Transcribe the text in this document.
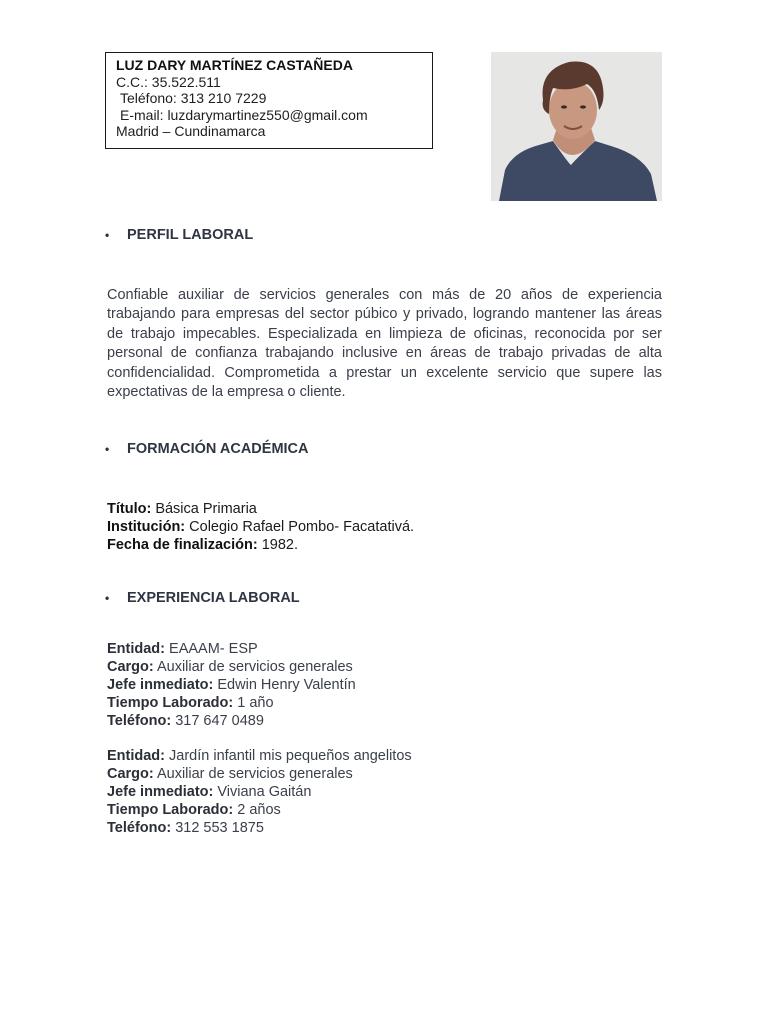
LUZ DARY MARTÍNEZ CASTAÑEDA
C.C.: 35.522.511
Teléfono: 313 210 7229
E-mail: luzdarymartinez550@gmail.com
Madrid – Cundinamarca
•	PERFIL LABORAL
Confiable auxiliar de servicios generales con más de 20 años de experiencia trabajando para empresas del sector púbico y privado, logrando mantener las áreas de trabajo impecables. Especializada en limpieza de oficinas, reconocida por ser personal de confianza trabajando inclusive en áreas de trabajo privadas de alta confidencialidad. Comprometida a prestar un excelente servicio que supere las expectativas de la empresa o cliente.
•	FORMACIÓN ACADÉMICA
Título: Básica Primaria
Institución: Colegio Rafael Pombo- Facatativá.
Fecha de finalización: 1982.
•	EXPERIENCIA LABORAL
Entidad: EAAAM- ESP
Cargo: Auxiliar de servicios generales
Jefe inmediato: Edwin Henry Valentín
Tiempo Laborado: 1 año
Teléfono: 317 647 0489
Entidad: Jardín infantil mis pequeños angelitos
Cargo: Auxiliar de servicios generales
Jefe inmediato: Viviana Gaitán
Tiempo Laborado: 2 años
Teléfono: 312 553 1875
